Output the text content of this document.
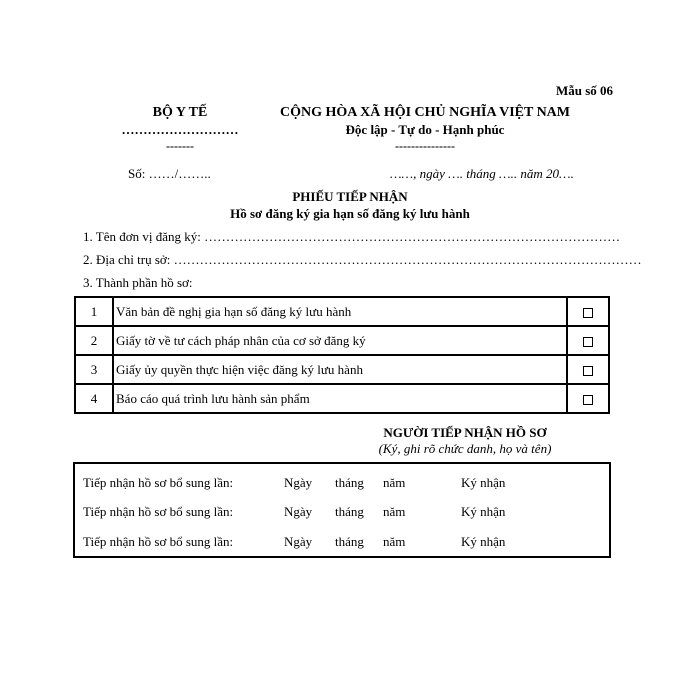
Mẫu số 06
BỘ Y TẾ
………………………
-------
CỘNG HÒA XÃ HỘI CHỦ NGHĨA VIỆT NAM
Độc lập - Tự do - Hạnh phúc
---------------
Số: ……/……..	……, ngày …. tháng ….. năm 20….
PHIẾU TIẾP NHẬN
Hồ sơ đăng ký gia hạn số đăng ký lưu hành
1. Tên đơn vị đăng ký: ……………………………………………………………………………………
2. Địa chỉ trụ sở: ………………………………………………………………………………………………
3. Thành phần hồ sơ:
1	Văn bản đề nghị gia hạn số đăng ký lưu hành	
2	Giấy tờ về tư cách pháp nhân của cơ sở đăng ký	
3	Giấy ủy quyền thực hiện việc đăng ký lưu hành	
4	Báo cáo quá trình lưu hành sản phẩm	
NGƯỜI TIẾP NHẬN HỒ SƠ
(Ký, ghi rõ chức danh, họ và tên)
Tiếp nhận hồ sơ bổ sung lần:	Ngày tháng năm	Ký nhận
Tiếp nhận hồ sơ bổ sung lần:	Ngày tháng năm	Ký nhận
Tiếp nhận hồ sơ bổ sung lần:	Ngày tháng năm	Ký nhận
